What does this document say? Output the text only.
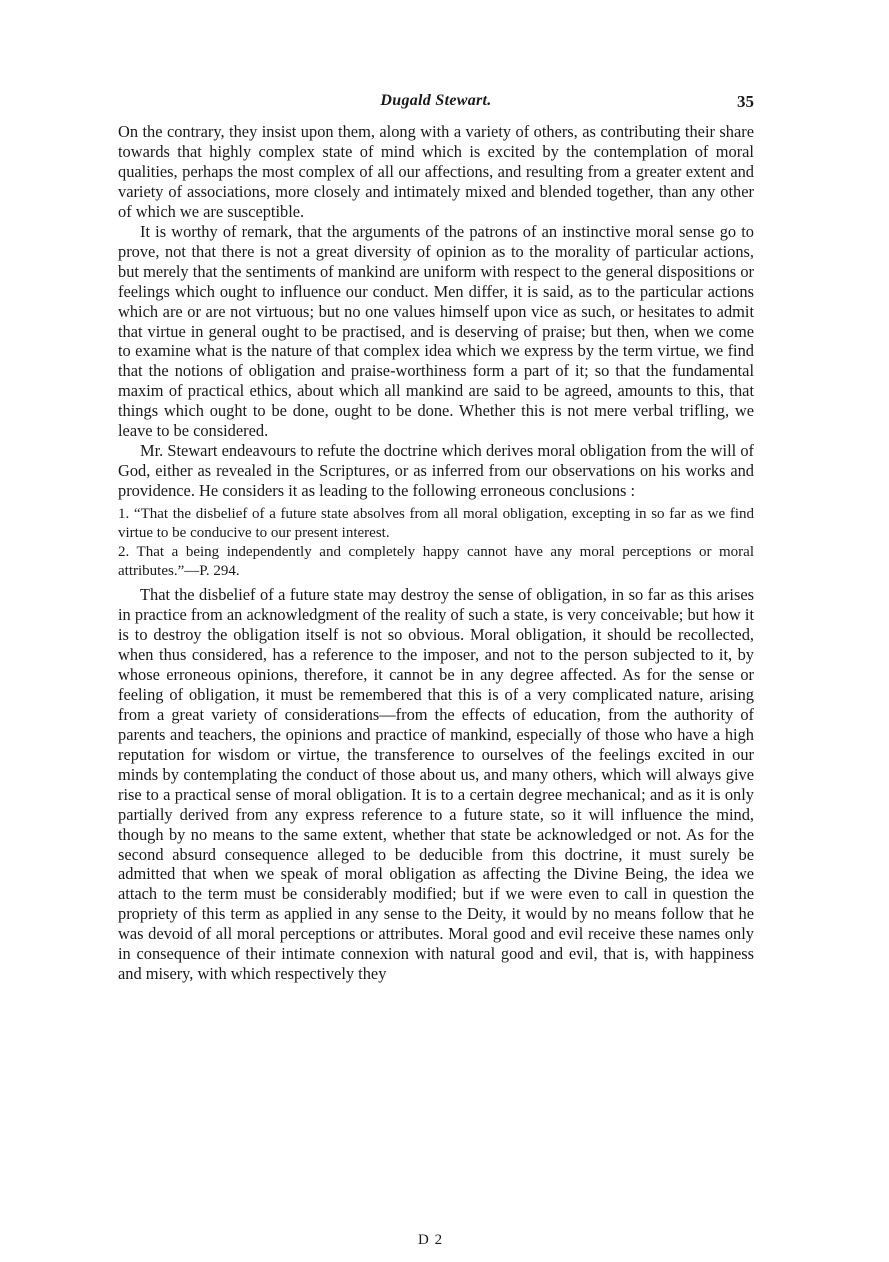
Dugald Stewart.	35

On the contrary, they insist upon them, along with a variety of others, as contributing their share towards that highly complex state of mind which is excited by the contemplation of moral qualities, perhaps the most complex of all our affections, and resulting from a greater extent and variety of associations, more closely and intimately mixed and blended together, than any other of which we are susceptible.

It is worthy of remark, that the arguments of the patrons of an instinctive moral sense go to prove, not that there is not a great diversity of opinion as to the morality of particular actions, but merely that the sentiments of mankind are uniform with respect to the general dispositions or feelings which ought to influence our conduct. Men differ, it is said, as to the particular actions which are or are not virtuous; but no one values himself upon vice as such, or hesitates to admit that virtue in general ought to be practised, and is deserving of praise; but then, when we come to examine what is the nature of that complex idea which we express by the term virtue, we find that the notions of obligation and praise-worthiness form a part of it; so that the fundamental maxim of practical ethics, about which all mankind are said to be agreed, amounts to this, that things which ought to be done, ought to be done. Whether this is not mere verbal trifling, we leave to be considered.

Mr. Stewart endeavours to refute the doctrine which derives moral obligation from the will of God, either as revealed in the Scriptures, or as inferred from our observations on his works and providence. He considers it as leading to the following erroneous conclusions :

1. “That the disbelief of a future state absolves from all moral obligation, excepting in so far as we find virtue to be conducive to our present interest.

2. That a being independently and completely happy cannot have any moral perceptions or moral attributes.”—P. 294.

That the disbelief of a future state may destroy the sense of obligation, in so far as this arises in practice from an acknowledgment of the reality of such a state, is very conceivable; but how it is to destroy the obligation itself is not so obvious. Moral obligation, it should be recollected, when thus considered, has a reference to the imposer, and not to the person subjected to it, by whose erroneous opinions, therefore, it cannot be in any degree affected. As for the sense or feeling of obligation, it must be remembered that this is of a very complicated nature, arising from a great variety of considerations—from the effects of education, from the authority of parents and teachers, the opinions and practice of mankind, especially of those who have a high reputation for wisdom or virtue, the transference to ourselves of the feelings excited in our minds by contemplating the conduct of those about us, and many others, which will always give rise to a practical sense of moral obligation. It is to a certain degree mechanical; and as it is only partially derived from any express reference to a future state, so it will influence the mind, though by no means to the same extent, whether that state be acknowledged or not. As for the second absurd consequence alleged to be deducible from this doctrine, it must surely be admitted that when we speak of moral obligation as affecting the Divine Being, the idea we attach to the term must be considerably modified; but if we were even to call in question the propriety of this term as applied in any sense to the Deity, it would by no means follow that he was devoid of all moral perceptions or attributes. Moral good and evil receive these names only in consequence of their intimate connexion with natural good and evil, that is, with happiness and misery, with which respectively they

D 2
